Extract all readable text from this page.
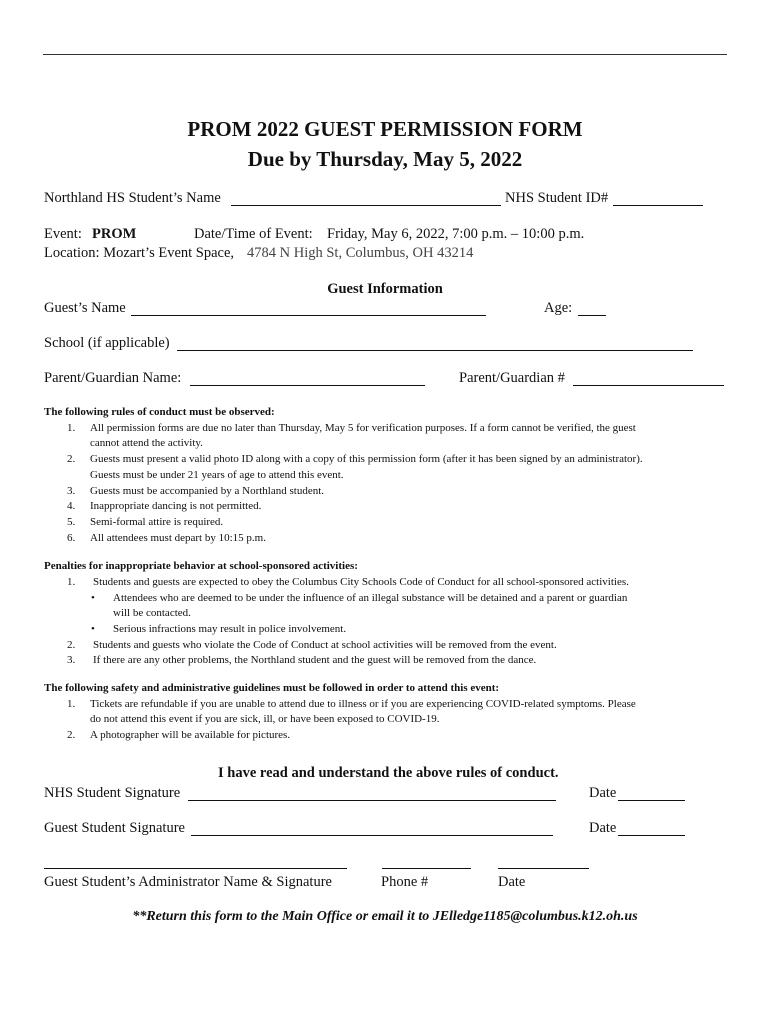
PROM 2022 GUEST PERMISSION FORM
Due by Thursday, May 5, 2022
Northland HS Student’s Name	NHS Student ID#
Event: PROM	Date/Time of Event: Friday, May 6, 2022, 7:00 p.m. – 10:00 p.m.
Location: Mozart’s Event Space, 4784 N High St, Columbus, OH 43214
Guest Information
Guest’s Name	Age:
School (if applicable)
Parent/Guardian Name:	Parent/Guardian #
The following rules of conduct must be observed:
1. All permission forms are due no later than Thursday, May 5 for verification purposes. If a form cannot be verified, the guest
cannot attend the activity.
2. Guests must present a valid photo ID along with a copy of this permission form (after it has been signed by an administrator).
Guests must be under 21 years of age to attend this event.
3. Guests must be accompanied by a Northland student.
4. Inappropriate dancing is not permitted.
5. Semi-formal attire is required.
6. All attendees must depart by 10:15 p.m.
Penalties for inappropriate behavior at school-sponsored activities:
1. Students and guests are expected to obey the Columbus City Schools Code of Conduct for all school-sponsored activities.
• Attendees who are deemed to be under the influence of an illegal substance will be detained and a parent or guardian
will be contacted.
• Serious infractions may result in police involvement.
2. Students and guests who violate the Code of Conduct at school activities will be removed from the event.
3. If there are any other problems, the Northland student and the guest will be removed from the dance.
The following safety and administrative guidelines must be followed in order to attend this event:
1. Tickets are refundable if you are unable to attend due to illness or if you are experiencing COVID-related symptoms. Please
do not attend this event if you are sick, ill, or have been exposed to COVID-19.
2. A photographer will be available for pictures.
I have read and understand the above rules of conduct.
NHS Student Signature	Date
Guest Student Signature	Date
Guest Student’s Administrator Name & Signature	Phone #	Date
**Return this form to the Main Office or email it to JElledge1185@columbus.k12.oh.us
